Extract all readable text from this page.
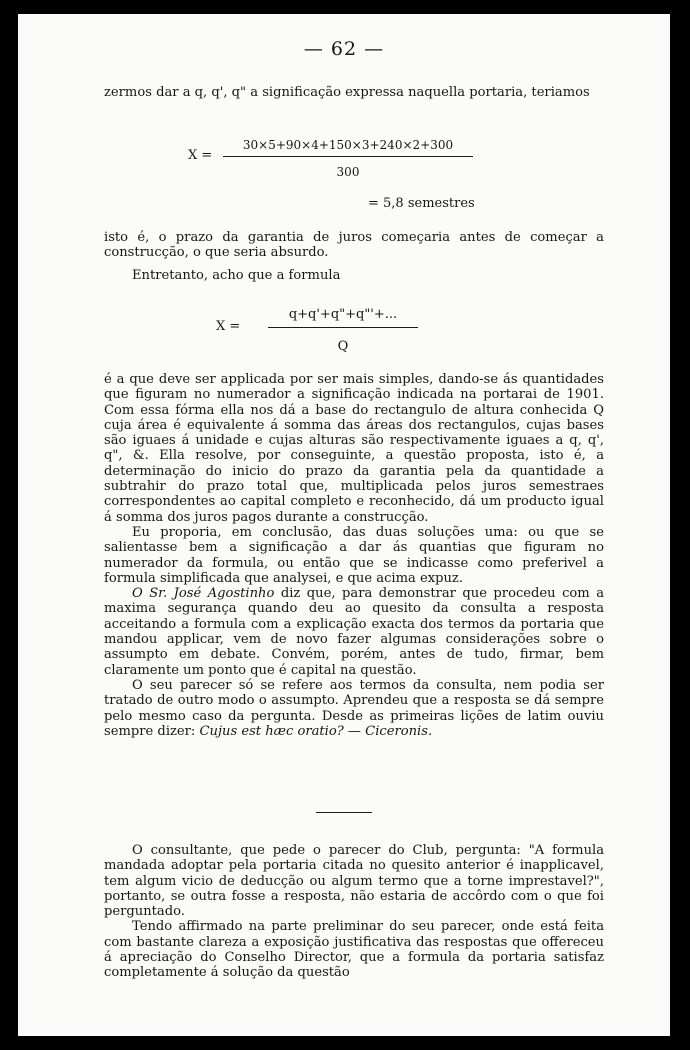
— 62 —

zermos dar a q, q', q" a significação expressa naquella portaria, teriamos

30×5+90×4+150×3+240×2+300
X =
300
= 5,8 semestres

isto é, o prazo da garantia de juros começaria antes de começar a construcção, o que seria absurdo.

Entretanto, acho que a formula

q+q'+q"+q"'+...
X =
Q

é a que deve ser applicada por ser mais simples, dando-se ás quantidades que figuram no numerador a significação indicada na portarai de 1901. Com essa fórma ella nos dá a base do rectangulo de altura conhecida Q cuja área é equivalente á somma das áreas dos rectangulos, cujas bases são iguaes á unidade e cujas alturas são respectivamente iguaes a q, q', q", &. Ella resolve, por conseguinte, a questão proposta, isto é, a determinação do inicio do prazo da garantia pela da quantidade a subtrahir do prazo total que, multiplicada pelos juros semestraes correspondentes ao capital completo e reconhecido, dá um producto igual á somma dos juros pagos durante a construcção.

Eu proporia, em conclusão, das duas soluções uma: ou que se salientasse bem a significação a dar ás quantias que figuram no numerador da formula, ou então que se indicasse como preferivel a formula simplificada que analysei, e que acima expuz.

O Sr. José Agostinho diz que, para demonstrar que procedeu com a maxima segurança quando deu ao quesito da consulta a resposta acceitando a formula com a explicação exacta dos termos da portaria que mandou applicar, vem de novo fazer algumas considerações sobre o assumpto em debate. Convém, porém, antes de tudo, firmar, bem claramente um ponto que é capital na questão.

O seu parecer só se refere aos termos da consulta, nem podia ser tratado de outro modo o assumpto. Aprendeu que a resposta se dá sempre pelo mesmo caso da pergunta. Desde as primeiras lições de latim ouviu sempre dizer: Cujus est hæc oratio? — Ciceronis.

O consultante, que pede o parecer do Club, pergunta: "A formula mandada adoptar pela portaria citada no quesito anterior é inapplicavel, tem algum vicio de deducção ou algum termo que a torne imprestavel?", portanto, se outra fosse a resposta, não estaria de accôrdo com o que foi perguntado.

Tendo affirmado na parte preliminar do seu parecer, onde está feita com bastante clareza a exposição justificativa das respostas que offereceu á apreciação do Conselho Director, que a formula da portaria satisfaz completamente á solução da questão
